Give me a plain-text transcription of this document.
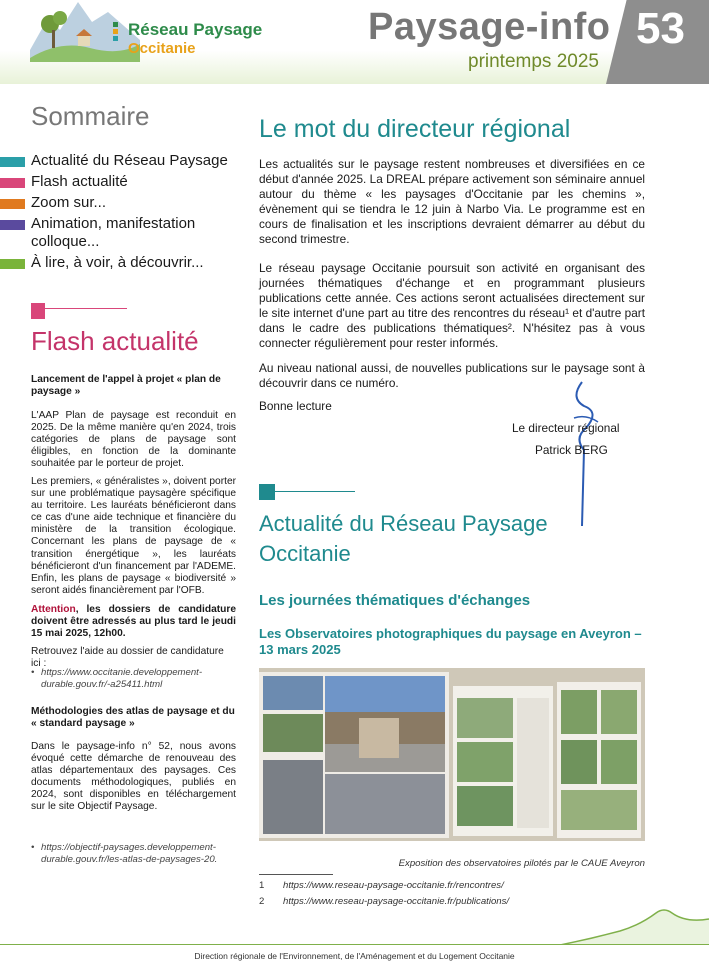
Réseau Paysage
Occitanie
Paysage-info
printemps 2025
53
Sommaire
Actualité du Réseau Paysage
Flash actualité
Zoom sur...
Animation, manifestation colloque...
À lire, à voir, à découvrir...
Flash actualité
Lancement de l'appel à projet « plan de paysage »
L'AAP Plan de paysage est reconduit en 2025. De la même manière qu'en 2024, trois catégories de plans de paysage sont éligibles, en fonction de la dominante souhaitée par le porteur de projet.
Les premiers, « généralistes », doivent porter sur une problématique paysagère spécifique au territoire. Les lauréats bénéficieront dans ce cas d'une aide technique et financière du ministère de la transition écologique. Concernant les plans de paysage de « transition énergétique », les lauréats bénéficieront d'un financement par l'ADEME. Enfin, les plans de paysage « biodiversité » seront aidés financièrement par l'OFB.
Attention, les dossiers de candidature doivent être adressés au plus tard le jeudi 15 mai 2025, 12h00.
Retrouvez l'aide au dossier de candidature ici :
• https://www.occitanie.developpement-durable.gouv.fr/-a25411.html
Méthodologies des atlas de paysage et du « standard paysage »
Dans le paysage-info n° 52, nous avons évoqué cette démarche de renouveau des atlas départementaux des paysages. Ces documents méthodologiques, publiés en 2024, sont disponibles en téléchargement sur le site Objectif Paysage.
• https://objectif-paysages.developpement-durable.gouv.fr/les-atlas-de-paysages-20.
Le mot du directeur régional
Les actualités sur le paysage restent nombreuses et diversifiées en ce début d'année 2025. La DREAL prépare activement son séminaire annuel autour du thème « les paysages d'Occitanie par les chemins », évènement qui se tiendra le 12 juin à Narbo Via. Le programme est en cours de finalisation et les inscriptions devraient démarrer au début du second trimestre.
Le réseau paysage Occitanie poursuit son activité en organisant des journées thématiques d'échange et en programmant plusieurs publications cette année. Ces actions seront actualisées directement sur le site internet d'une part au titre des rencontres du réseau¹ et d'autre part dans le cadre des publications thématiques². N'hésitez pas à vous connecter régulièrement pour rester informés.
Au niveau national aussi, de nouvelles publications sur le paysage sont à découvrir dans ce numéro.
Bonne lecture
Le directeur régional
Patrick BERG
Actualité du Réseau Paysage Occitanie
Les journées thématiques d'échanges
Les Observatoires photographiques du paysage en Aveyron – 13 mars 2025
Exposition des observatoires pilotés par le CAUE Aveyron
1 https://www.reseau-paysage-occitanie.fr/rencontres/
2 https://www.reseau-paysage-occitanie.fr/publications/
Direction régionale de l'Environnement, de l'Aménagement et du Logement Occitanie
